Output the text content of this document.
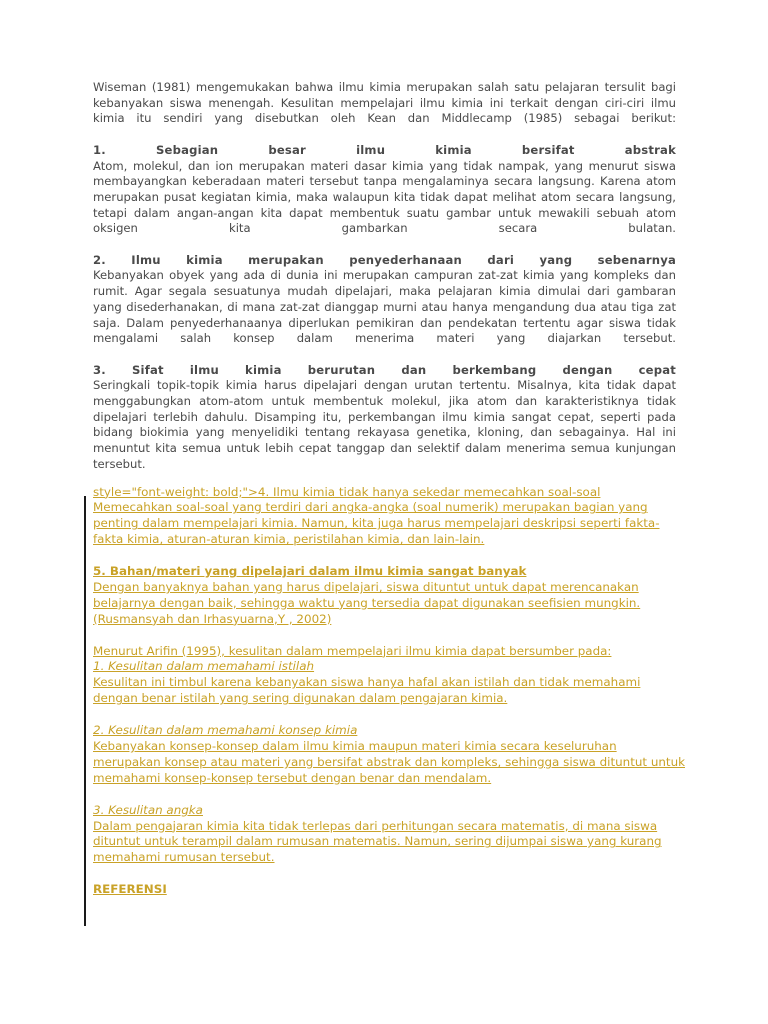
Wiseman (1981) mengemukakan bahwa ilmu kimia merupakan salah satu pelajaran tersulit bagi
kebanyakan siswa menengah. Kesulitan mempelajari ilmu kimia ini terkait dengan ciri-ciri ilmu
kimia itu sendiri yang disebutkan oleh Kean dan Middlecamp (1985) sebagai berikut:
1. Sebagian besar ilmu kimia bersifat abstrak
Atom, molekul, dan ion merupakan materi dasar kimia yang tidak nampak, yang menurut siswa
membayangkan keberadaan materi tersebut tanpa mengalaminya secara langsung. Karena atom
merupakan pusat kegiatan kimia, maka walaupun kita tidak dapat melihat atom secara langsung,
tetapi dalam angan-angan kita dapat membentuk suatu gambar untuk mewakili sebuah atom
oksigen kita gambarkan secara bulatan.
2. Ilmu kimia merupakan penyederhanaan dari yang sebenarnya
Kebanyakan obyek yang ada di dunia ini merupakan campuran zat-zat kimia yang kompleks dan
rumit. Agar segala sesuatunya mudah dipelajari, maka pelajaran kimia dimulai dari gambaran
yang disederhanakan, di mana zat-zat dianggap murni atau hanya mengandung dua atau tiga zat
saja. Dalam penyederhanaanya diperlukan pemikiran dan pendekatan tertentu agar siswa tidak
mengalami salah konsep dalam menerima materi yang diajarkan tersebut.
3. Sifat ilmu kimia berurutan dan berkembang dengan cepat
Seringkali topik-topik kimia harus dipelajari dengan urutan tertentu. Misalnya, kita tidak dapat
menggabungkan atom-atom untuk membentuk molekul, jika atom dan karakteristiknya tidak
dipelajari terlebih dahulu. Disamping itu, perkembangan ilmu kimia sangat cepat, seperti pada
bidang biokimia yang menyelidiki tentang rekayasa genetika, kloning, dan sebagainya. Hal ini
menuntut kita semua untuk lebih cepat tanggap dan selektif dalam menerima semua kunjungan
tersebut.
style="font-weight: bold;">4. Ilmu kimia tidak hanya sekedar memecahkan soal-soal
Memecahkan soal-soal yang terdiri dari angka-angka (soal numerik) merupakan bagian yang
penting dalam mempelajari kimia. Namun, kita juga harus mempelajari deskripsi seperti fakta-
fakta kimia, aturan-aturan kimia, peristilahan kimia, dan lain-lain.
5. Bahan/materi yang dipelajari dalam ilmu kimia sangat banyak
Dengan banyaknya bahan yang harus dipelajari, siswa dituntut untuk dapat merencanakan
belajarnya dengan baik, sehingga waktu yang tersedia dapat digunakan seefisien mungkin.
(Rusmansyah dan Irhasyuarna,Y , 2002)
Menurut Arifin (1995), kesulitan dalam mempelajari ilmu kimia dapat bersumber pada:
1. Kesulitan dalam memahami istilah
Kesulitan ini timbul karena kebanyakan siswa hanya hafal akan istilah dan tidak memahami
dengan benar istilah yang sering digunakan dalam pengajaran kimia.
2. Kesulitan dalam memahami konsep kimia
Kebanyakan konsep-konsep dalam ilmu kimia maupun materi kimia secara keseluruhan
merupakan konsep atau materi yang bersifat abstrak dan kompleks, sehingga siswa dituntut untuk
memahami konsep-konsep tersebut dengan benar dan mendalam.
3. Kesulitan angka
Dalam pengajaran kimia kita tidak terlepas dari perhitungan secara matematis, di mana siswa
dituntut untuk terampil dalam rumusan matematis. Namun, sering dijumpai siswa yang kurang
memahami rumusan tersebut.
REFERENSI
